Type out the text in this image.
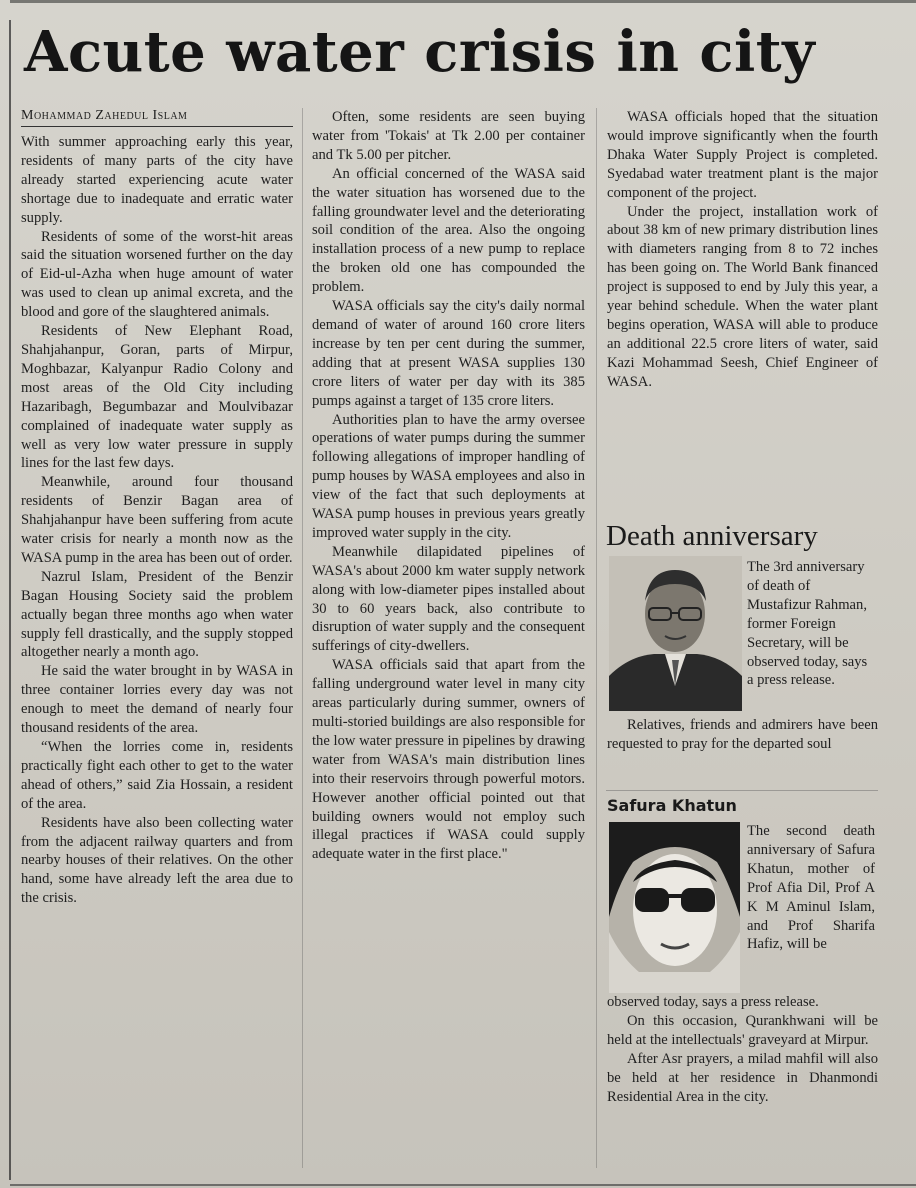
Acute water crisis in city
Mohammad Zahedul Islam

With summer approaching early this year, residents of many parts of the city have already started experiencing acute water shortage due to inadequate and erratic water supply.

Residents of some of the worst-hit areas said the situation worsened further on the day of Eid-ul-Azha when huge amount of water was used to clean up animal excreta, and the blood and gore of the slaughtered animals.

Residents of New Elephant Road, Shahjahanpur, Goran, parts of Mirpur, Moghbazar, Kalyanpur Radio Colony and most areas of the Old City including Hazaribagh, Begumbazar and Moulvibazar complained of inadequate water supply as well as very low water pressure in supply lines for the last few days.

Meanwhile, around four thousand residents of Benzir Bagan area of Shahjahanpur have been suffering from acute water crisis for nearly a month now as the WASA pump in the area has been out of order.

Nazrul Islam, President of the Benzir Bagan Housing Society said the problem actually began three months ago when water supply fell drastically, and the supply stopped altogether nearly a month ago.

He said the water brought in by WASA in three container lorries every day was not enough to meet the demand of nearly four thousand residents of the area.

“When the lorries come in, residents practically fight each other to get to the water ahead of others,” said Zia Hossain, a resident of the area.

Residents have also been collecting water from the adjacent railway quarters and from nearby houses of their relatives. On the other hand, some have already left the area due to the crisis.

Often, some residents are seen buying water from 'Tokais' at Tk 2.00 per container and Tk 5.00 per pitcher.

An official concerned of the WASA said the water situation has worsened due to the falling groundwater level and the deteriorating soil condition of the area. Also the ongoing installation process of a new pump to replace the broken old one has compounded the problem.

WASA officials say the city's daily normal demand of water of around 160 crore liters increase by ten per cent during the summer, adding that at present WASA supplies 130 crore liters of water per day with its 385 pumps against a target of 135 crore liters.

Authorities plan to have the army oversee operations of water pumps during the summer following allegations of improper handling of pump houses by WASA employees and also in view of the fact that such deployments at WASA pump houses in previous years greatly improved water supply in the city.

Meanwhile dilapidated pipelines of WASA's about 2000 km water supply network along with low-diameter pipes installed about 30 to 60 years back, also contribute to disruption of water supply and the consequent sufferings of city-dwellers.

WASA officials said that apart from the falling underground water level in many city areas particularly during summer, owners of multi-storied buildings are also responsible for the low water pressure in pipelines by drawing water from WASA's main distribution lines into their reservoirs through powerful motors. However another official pointed out that building owners would not employ such illegal practices if WASA could supply adequate water in the first place."

WASA officials hoped that the situation would improve significantly when the fourth Dhaka Water Supply Project is completed. Syedabad water treatment plant is the major component of the project.

Under the project, installation work of about 38 km of new primary distribution lines with diameters ranging from 8 to 72 inches has been going on. The World Bank financed project is supposed to end by July this year, a year behind schedule. When the water plant begins operation, WASA will able to produce an additional 22.5 crore liters of water, said Kazi Mohammad Seesh, Chief Engineer of WASA.

Death anniversary

The 3rd anniversary of death of Mustafizur Rahman, former Foreign Secretary, will be observed today, says a press release.

Relatives, friends and admirers have been requested to pray for the departed soul

Safura Khatun

The second death anniversary of Safura Khatun, mother of Prof Afia Dil, Prof A K M Aminul Islam, and Prof Sharifa Hafiz, will be

observed today, says a press release.

On this occasion, Qurankhwani will be held at the intellectuals' graveyard at Mirpur.

After Asr prayers, a milad mahfil will also be held at her residence in Dhanmondi Residential Area in the city.
